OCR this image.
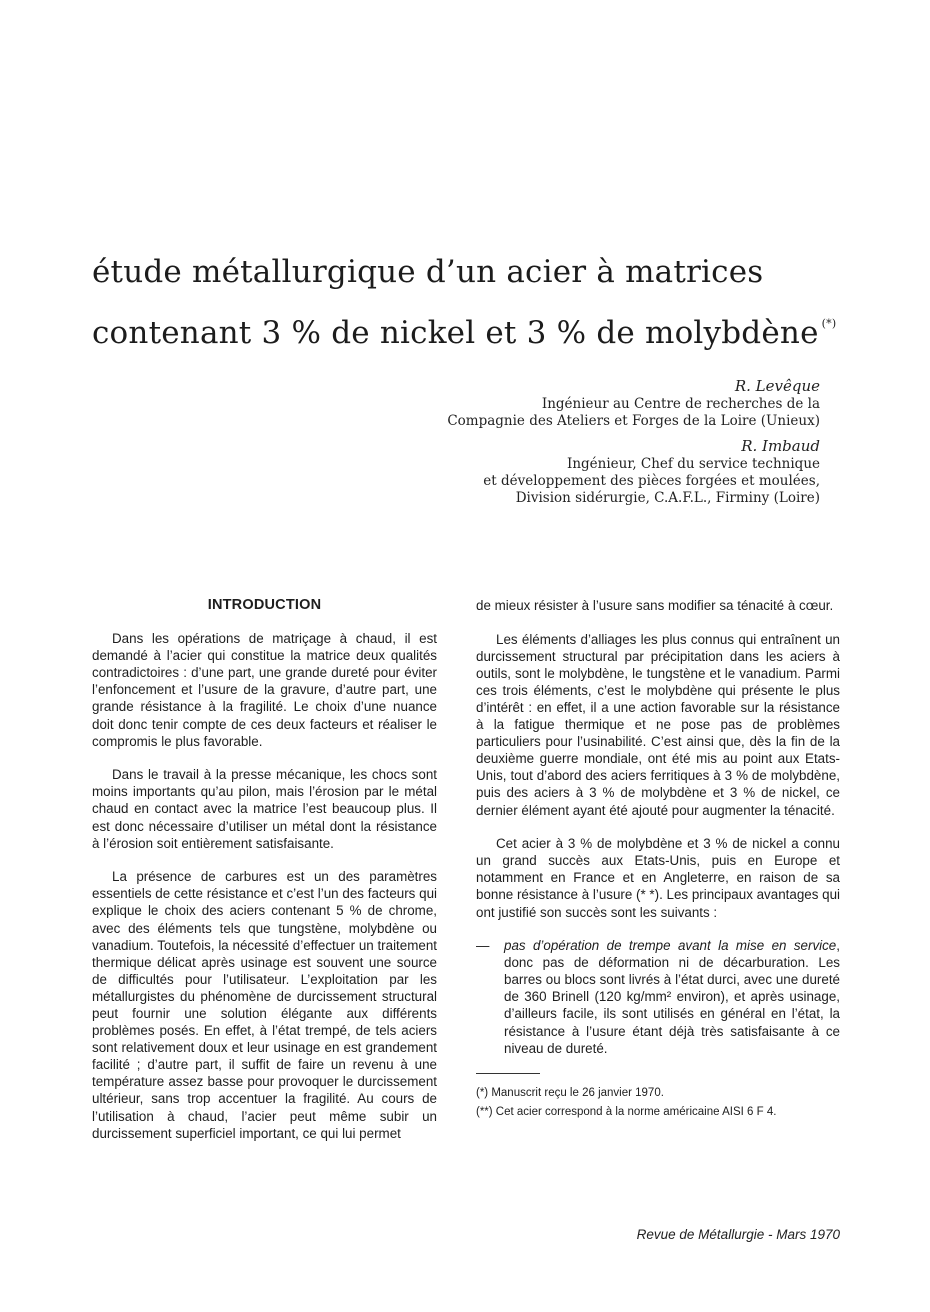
étude métallurgique d’un acier à matrices
contenant 3 % de nickel et 3 % de molybdène (*)
R. Levêque
Ingénieur au Centre de recherches de la
Compagnie des Ateliers et Forges de la Loire (Unieux)
R. Imbaud
Ingénieur, Chef du service technique
et développement des pièces forgées et moulées,
Division sidérurgie, C.A.F.L., Firminy (Loire)
INTRODUCTION

Dans les opérations de matriçage à chaud, il est demandé à l’acier qui constitue la matrice deux qualités contradictoires : d’une part, une grande dureté pour éviter l’enfoncement et l’usure de la gravure, d’autre part, une grande résistance à la fragilité. Le choix d’une nuance doit donc tenir compte de ces deux facteurs et réaliser le compromis le plus favorable.

Dans le travail à la presse mécanique, les chocs sont moins importants qu’au pilon, mais l’érosion par le métal chaud en contact avec la matrice l’est beaucoup plus. Il est donc nécessaire d’utiliser un métal dont la résistance à l’érosion soit entièrement satisfaisante.

La présence de carbures est un des paramètres essentiels de cette résistance et c’est l’un des facteurs qui explique le choix des aciers contenant 5 % de chrome, avec des éléments tels que tungstène, molybdène ou vanadium. Toutefois, la nécessité d’effectuer un traitement thermique délicat après usinage est souvent une source de difficultés pour l’utilisateur. L’exploitation par les métallurgistes du phénomène de durcissement structural peut fournir une solution élégante aux différents problèmes posés. En effet, à l’état trempé, de tels aciers sont relativement doux et leur usinage en est grandement facilité ; d’autre part, il suffit de faire un revenu à une température assez basse pour provoquer le durcissement ultérieur, sans trop accentuer la fragilité. Au cours de l’utilisation à chaud, l’acier peut même subir un durcissement superficiel important, ce qui lui permet

de mieux résister à l’usure sans modifier sa ténacité à cœur.

Les éléments d’alliages les plus connus qui entraînent un durcissement structural par précipitation dans les aciers à outils, sont le molybdène, le tungstène et le vanadium. Parmi ces trois éléments, c’est le molybdène qui présente le plus d’intérêt : en effet, il a une action favorable sur la résistance à la fatigue thermique et ne pose pas de problèmes particuliers pour l’usinabilité. C’est ainsi que, dès la fin de la deuxième guerre mondiale, ont été mis au point aux Etats-Unis, tout d’abord des aciers ferritiques à 3 % de molybdène, puis des aciers à 3 % de molybdène et 3 % de nickel, ce dernier élément ayant été ajouté pour augmenter la ténacité.

Cet acier à 3 % de molybdène et 3 % de nickel a connu un grand succès aux Etats-Unis, puis en Europe et notamment en France et en Angleterre, en raison de sa bonne résistance à l’usure (* *). Les principaux avantages qui ont justifié son succès sont les suivants :

— pas d’opération de trempe avant la mise en service, donc pas de déformation ni de décarburation. Les barres ou blocs sont livrés à l’état durci, avec une dureté de 360 Brinell (120 kg/mm² environ), et après usinage, d’ailleurs facile, ils sont utilisés en général en l’état, la résistance à l’usure étant déjà très satisfaisante à ce niveau de dureté.
(*) Manuscrit reçu le 26 janvier 1970.
(**) Cet acier correspond à la norme américaine AISI 6 F 4.
Revue de Métallurgie - Mars 1970
